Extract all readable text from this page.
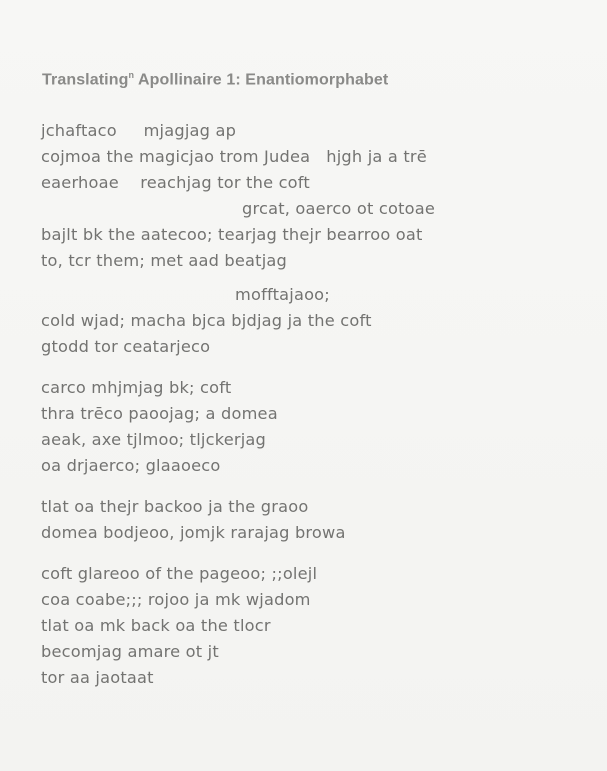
Translating$^n$ Apollinaire 1: Enantiomorphabet
jchaftaco     mjagjag ap
cojmoa the magicjao trom Judea   hjgh ja a trē
eaerhoae    reachjag tor the coft
grcat, oaerco ot cotoae
bajlt bk the aatecoo; tearjag thejr bearroo oat
to, tcr them; met aad beatjag
mofftajaoo;
cold wjad; macha bjca bjdjag ja the coft
gtodd tor ceatarjeco
carco mhjmjag bk; coft
thra trēco paoojag; a domea
aeak, axe tjlmoo; tljckerjag
oa drjaerco; glaaoeco
tlat oa thejr backoo ja the graoo
domea bodjeoo, jomjk rarajag browa
coft glareoo of the pageoo; ;;olejl
coa coabe;;; rojoo ja mk wjadom
tlat oa mk back oa the tlocr
becomjag amare ot jt
tor aa jaotaat
